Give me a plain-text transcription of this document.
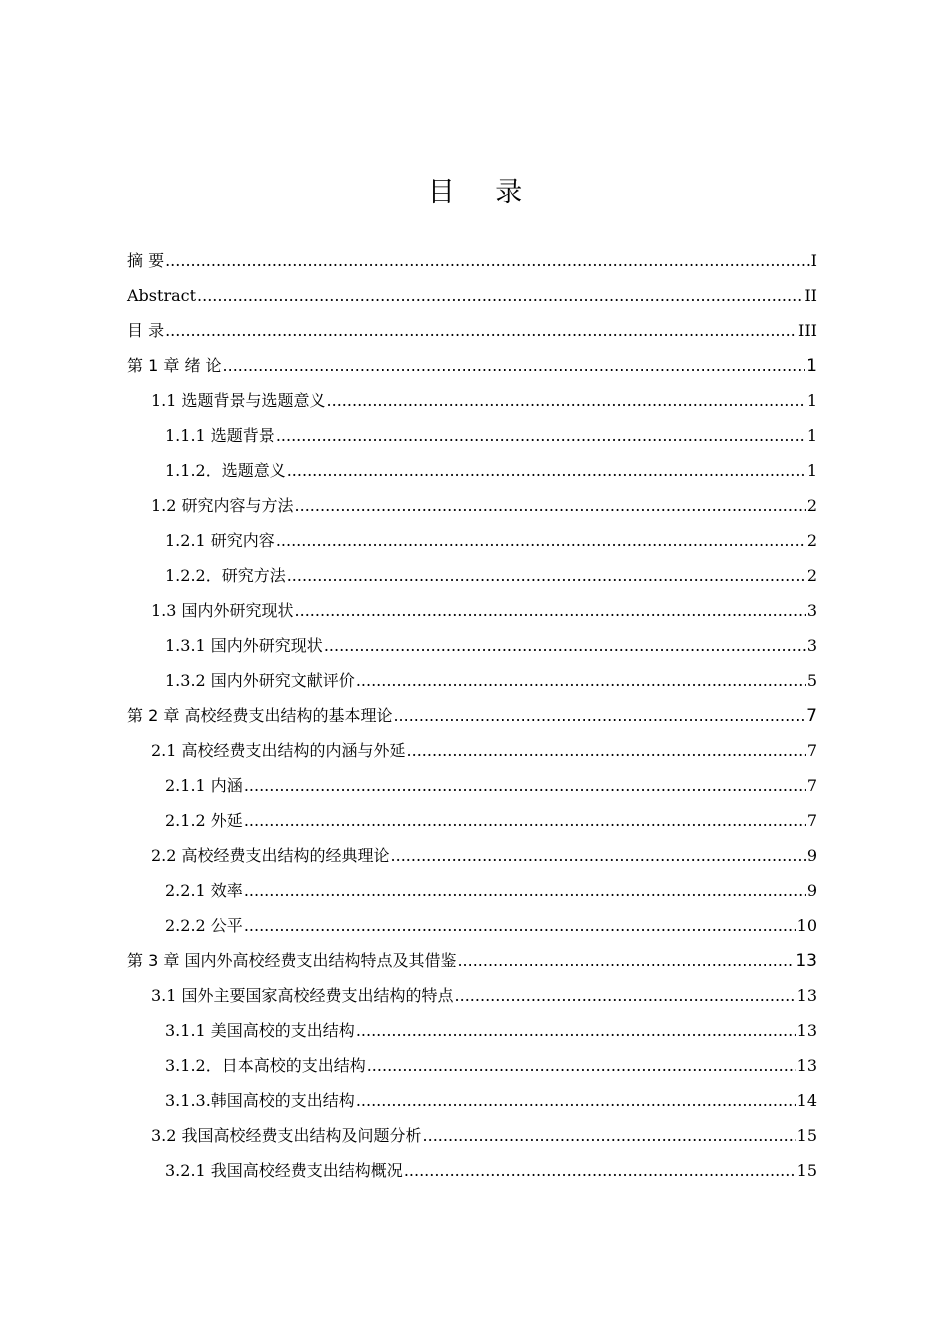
目 录
摘 要 .....	I
Abstract .....	II
目 录 .....	III
第 1 章 绪 论 .....	1
1.1 选题背景与选题意义 .....	1
1.1.1 选题背景 .....	1
1.1.2．选题意义 .....	1
1.2 研究内容与方法 .....	2
1.2.1 研究内容 .....	2
1.2.2．研究方法 .....	2
1.3 国内外研究现状 .....	3
1.3.1 国内外研究现状 .....	3
1.3.2 国内外研究文献评价 .....	5
第 2 章 高校经费支出结构的基本理论 .....	7
2.1 高校经费支出结构的内涵与外延 .....	7
2.1.1 内涵 .....	7
2.1.2 外延 .....	7
2.2 高校经费支出结构的经典理论 .....	9
2.2.1 效率 .....	9
2.2.2 公平 .....	10
第 3 章 国内外高校经费支出结构特点及其借鉴 .....	13
3.1 国外主要国家高校经费支出结构的特点 .....	13
3.1.1 美国高校的支出结构 .....	13
3.1.2．日本高校的支出结构 .....	13
3.1.3.韩国高校的支出结构 .....	14
3.2 我国高校经费支出结构及问题分析 .....	15
3.2.1 我国高校经费支出结构概况 .....	15
